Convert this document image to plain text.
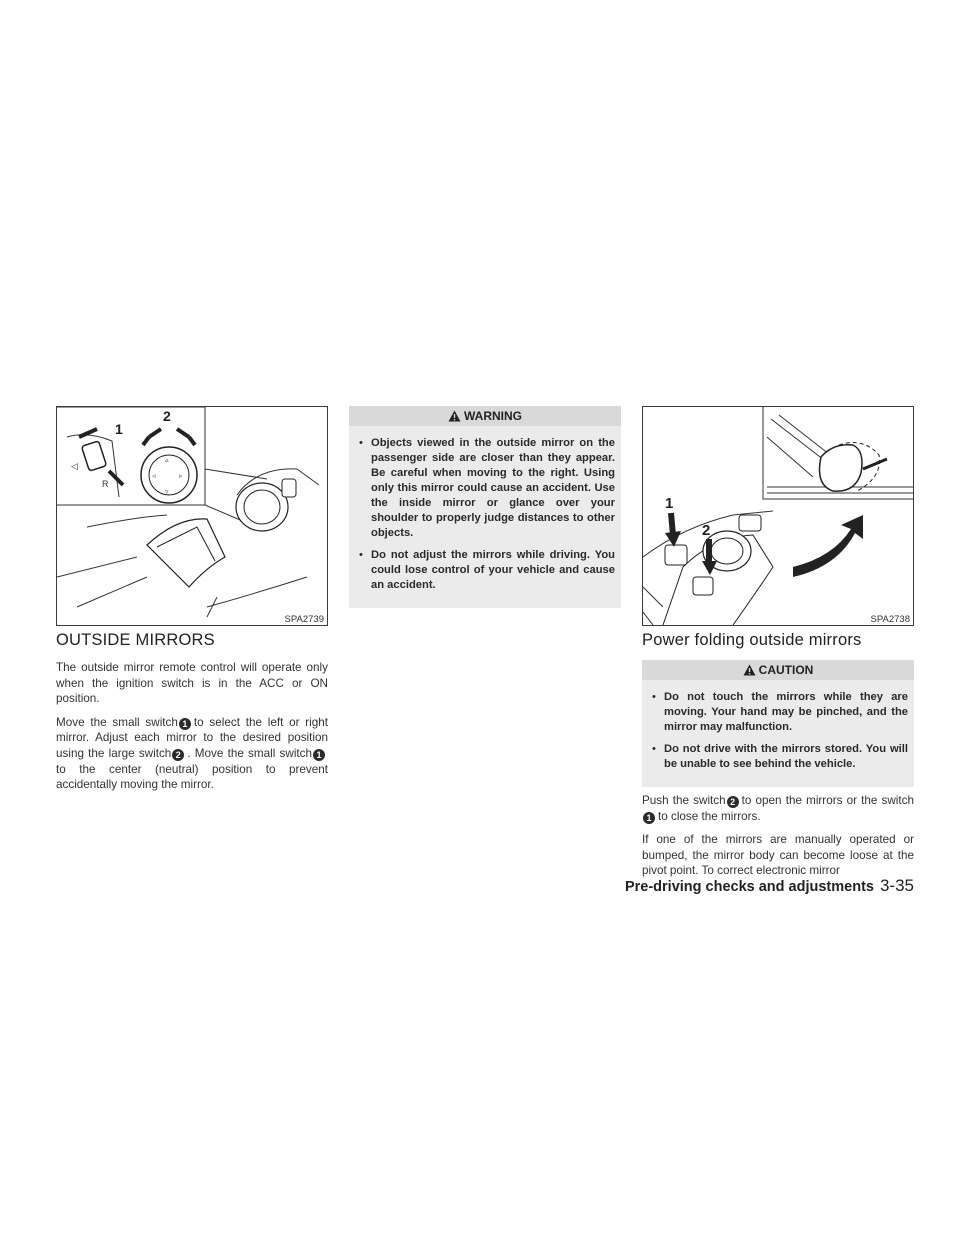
◁
R
1
▵
▿
◃	▹
2
SPA2739
OUTSIDE MIRRORS

The outside mirror remote control will operate only when the ignition switch is in the ACC or ON position.

Move the small switch 1 to select the left or right mirror. Adjust each mirror to the desired position using the large switch 2 . Move the small switch 1to the center (neutral) position to prevent accidentally moving the mirror.

WARNING
• Objects viewed in the outside mirror on the passenger side are closer than they appear. Be careful when moving to the right. Using only this mirror could cause an accident. Use the inside mirror or glance over your shoulder to properly judge distances to other objects.
• Do not adjust the mirrors while driving. You could lose control of your vehicle and cause an accident.
1
2
SPA2738
Power folding outside mirrors
CAUTION
• Do not touch the mirrors while they are moving. Your hand may be pinched, and the mirror may malfunction.
• Do not drive with the mirrors stored. You will be unable to see behind the vehicle.

Push the switch 2 to open the mirrors or the switch1 to close the mirrors.

If one of the mirrors are manually operated or bumped, the mirror body can become loose at the pivot point. To correct electronic mirror

Pre-driving checks and adjustments 3-35
